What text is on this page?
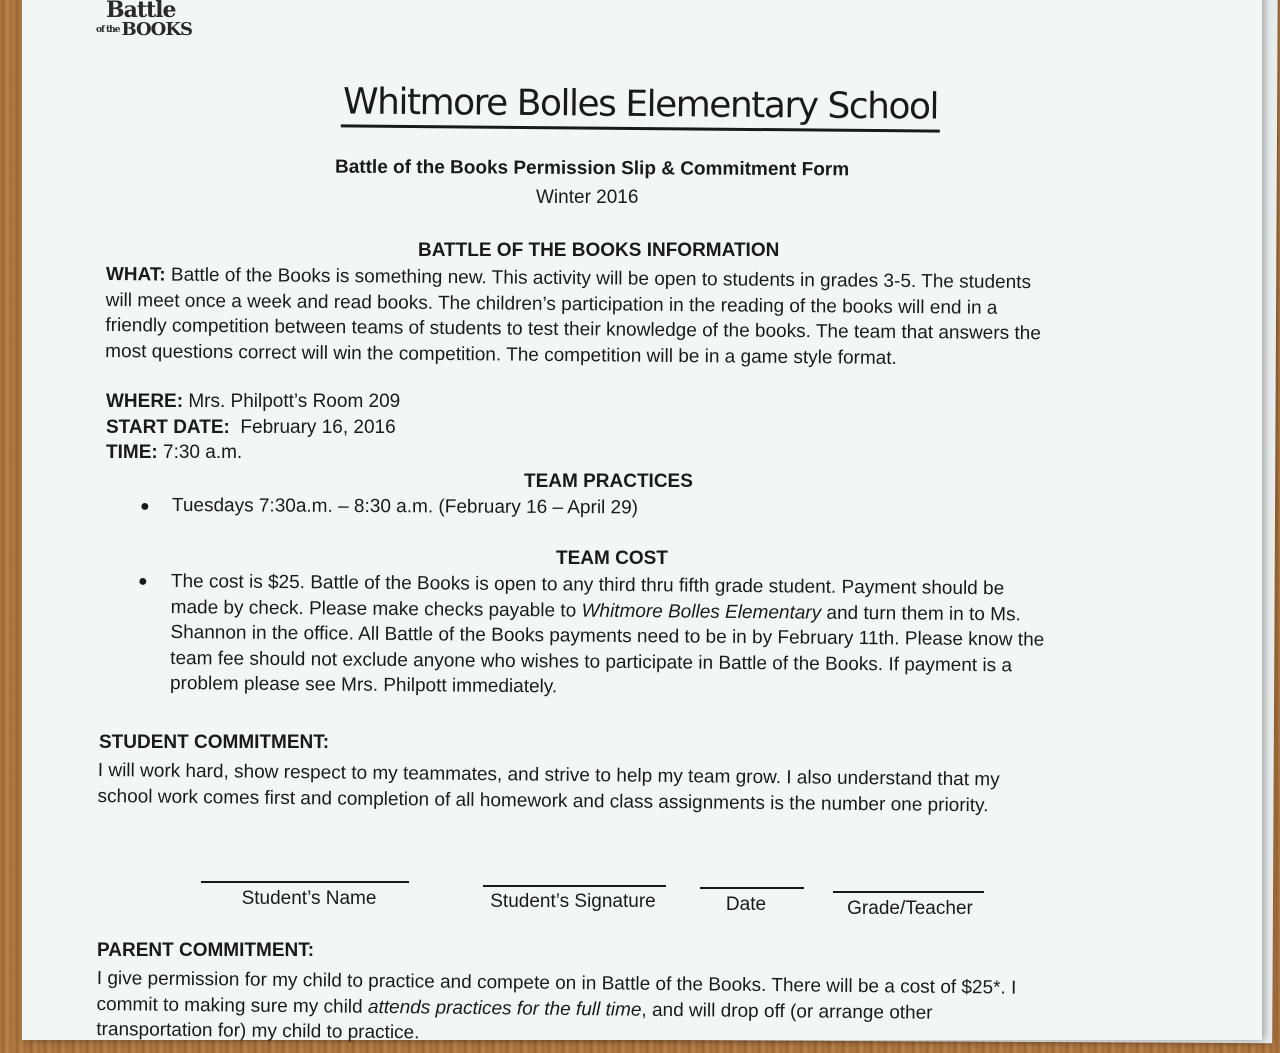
Battle
$^{of the}$ BOOKS
Whitmore Bolles Elementary School
Battle of the Books Permission Slip & Commitment Form
Winter 2016
BATTLE OF THE BOOKS INFORMATION
WHAT: Battle of the Books is something new. This activity will be open to students in grades 3-5. The students
will meet once a week and read books. The children’s participation in the reading of the books will end in a
friendly competition between teams of students to test their knowledge of the books. The team that answers the
most questions correct will win the competition. The competition will be in a game style format.
WHERE: Mrs. Philpott’s Room 209
START DATE: February 16, 2016
TIME: 7:30 a.m.
TEAM PRACTICES
● Tuesdays 7:30a.m. – 8:30 a.m. (February 16 – April 29)
TEAM COST
● The cost is $25. Battle of the Books is open to any third thru fifth grade student. Payment should be
made by check. Please make checks payable to Whitmore Bolles Elementary and turn them in to Ms.
Shannon in the office. All Battle of the Books payments need to be in by February 11th. Please know the
team fee should not exclude anyone who wishes to participate in Battle of the Books. If payment is a
problem please see Mrs. Philpott immediately.
STUDENT COMMITMENT:
I will work hard, show respect to my teammates, and strive to help my team grow. I also understand that my
school work comes first and completion of all homework and class assignments is the number one priority.
Student’s Name	Student’s Signature	Date	Grade/Teacher
PARENT COMMITMENT:
I give permission for my child to practice and compete on in Battle of the Books. There will be a cost of $25*. I
commit to making sure my child attends practices for the full time, and will drop off (or arrange other
transportation for) my child to practice.
